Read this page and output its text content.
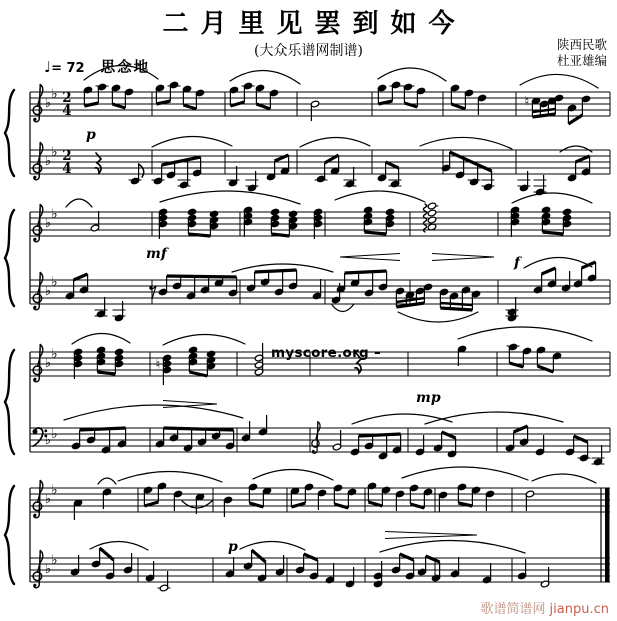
♭
♭ 2
4
♮
♭
♭ 2
4
♭
♭
♭
♭
♭
♭
♮
♭ ♭
♭
♭
♭
♭
p
mf
f
mp
p
二月里见罢到如今
(大众乐谱网制谱)	陕西民歌
杜亚雄编
♩= 72 思念地
myscore.org –
歌谱简谱网 jianpu.cn
